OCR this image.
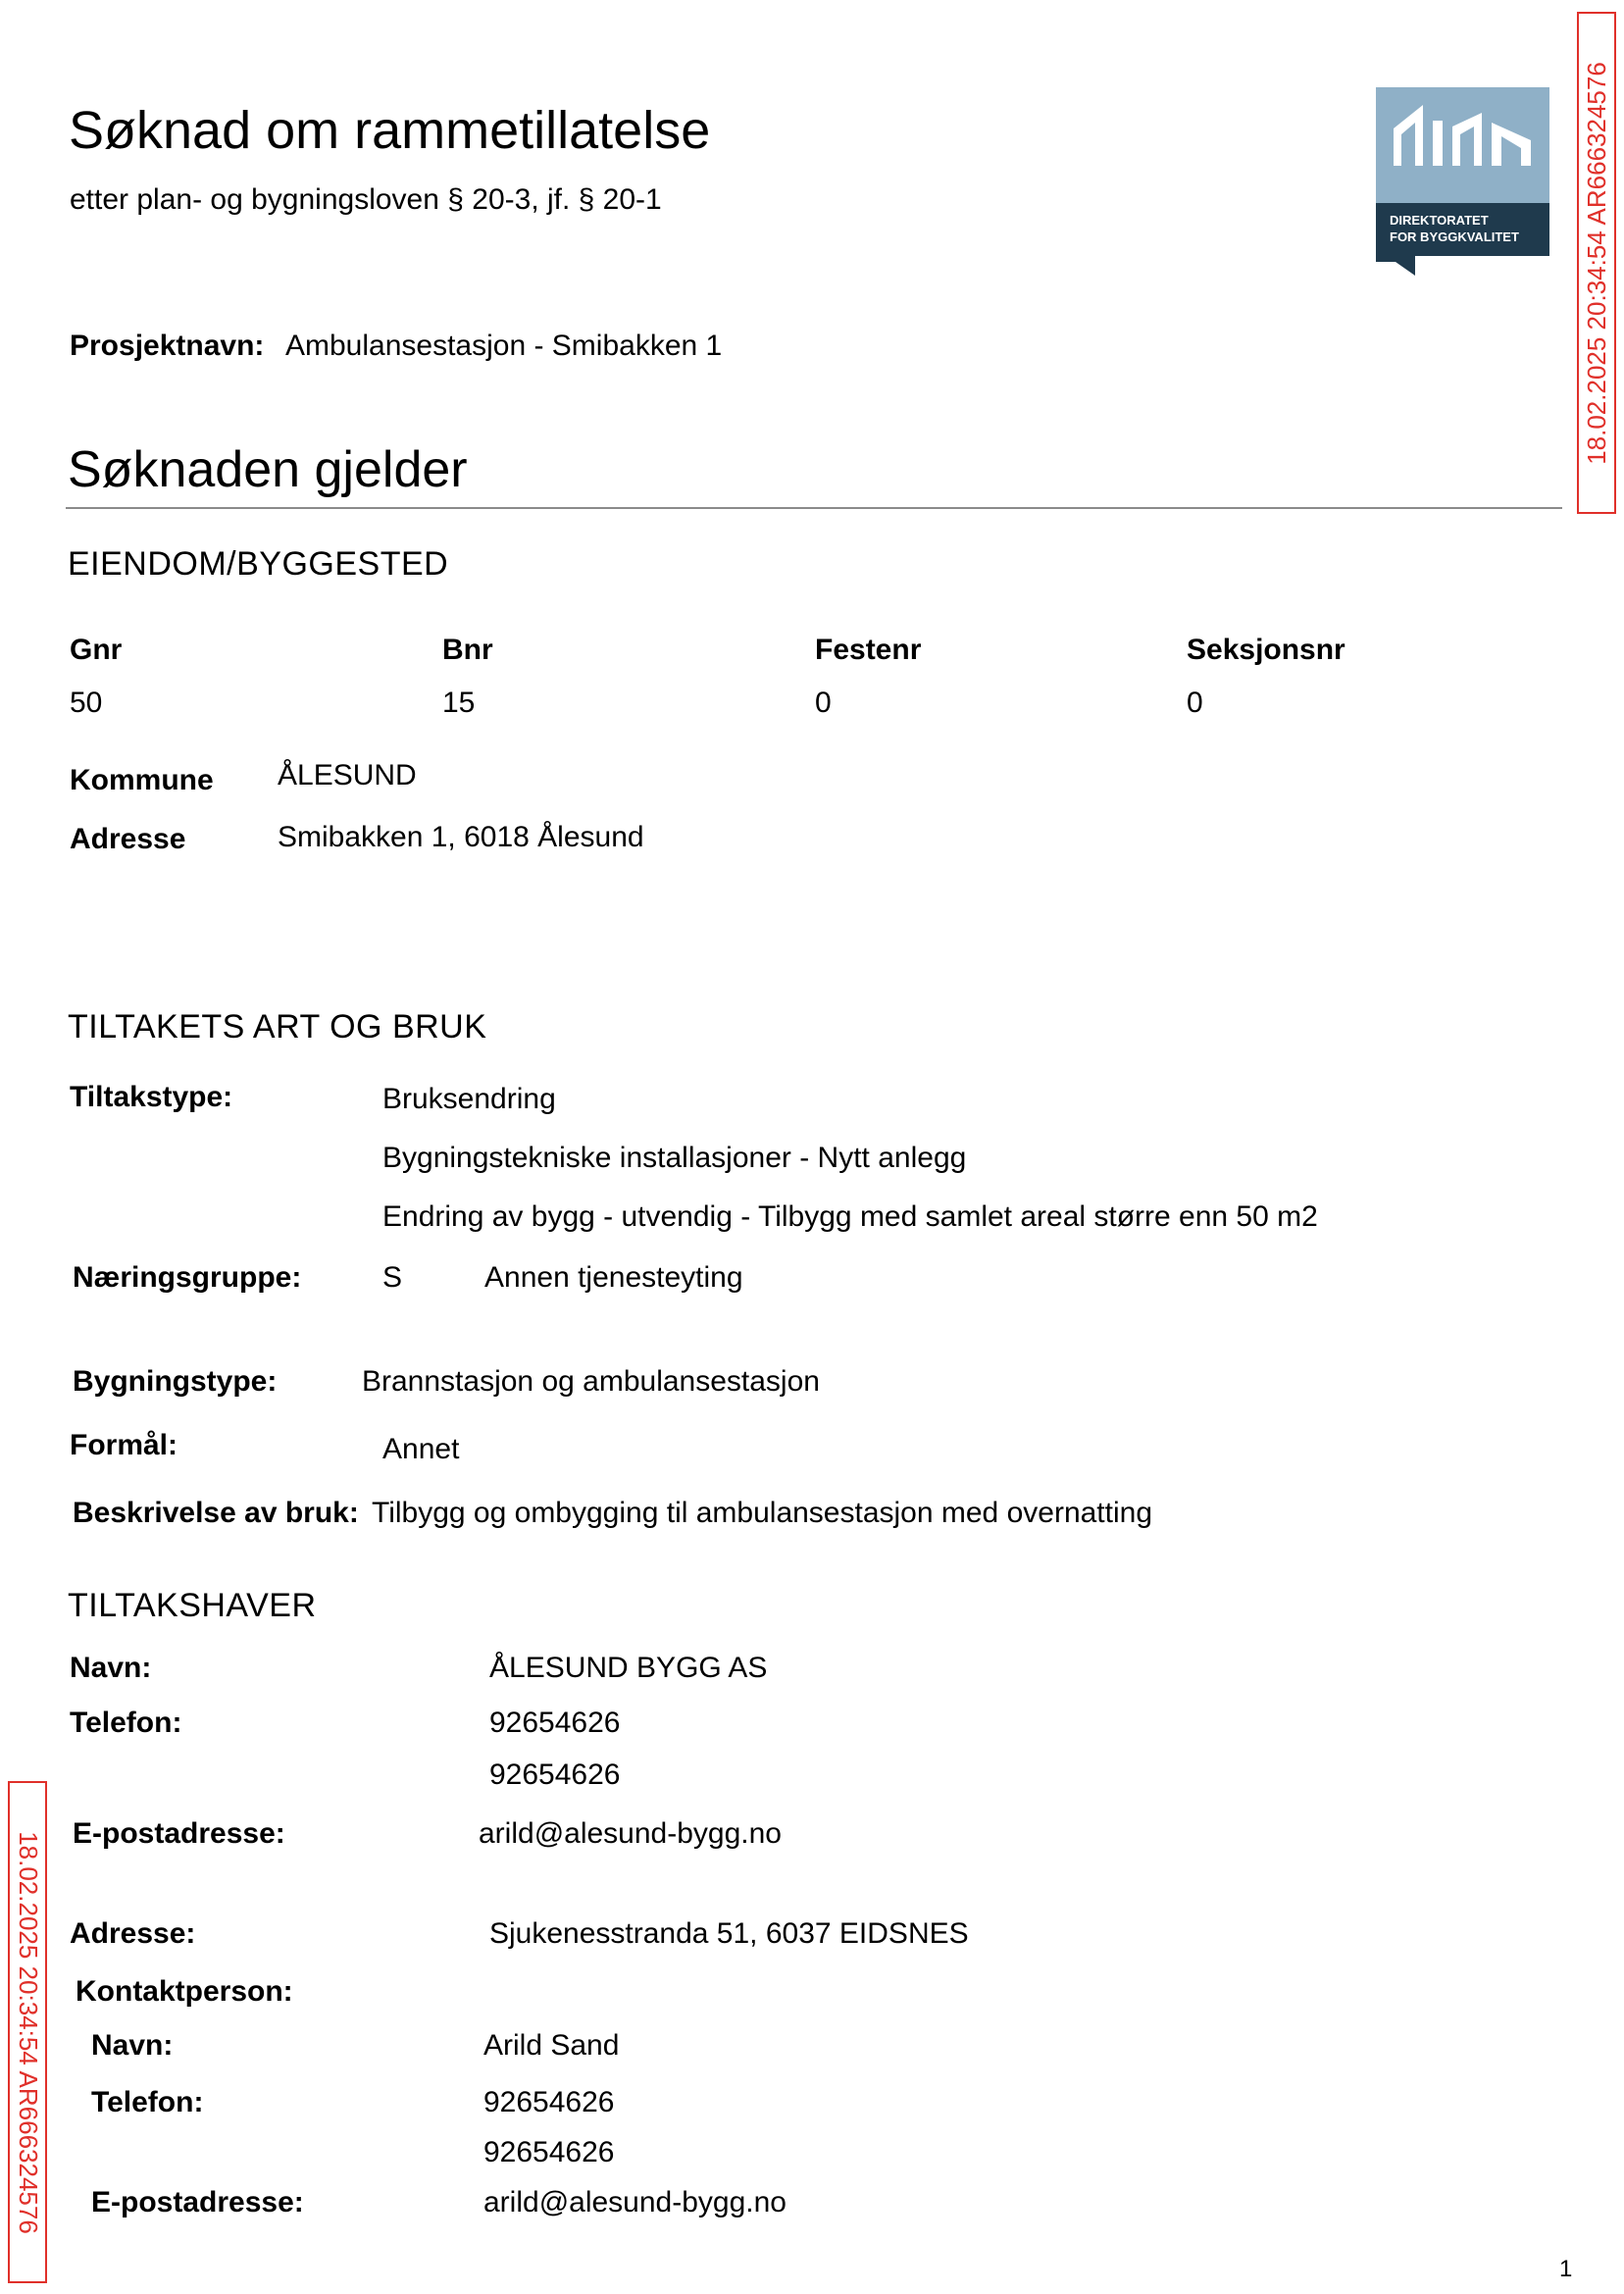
Søknad om rammetillatelse
etter plan- og bygningsloven § 20-3, jf. § 20-1
DIREKTORATET
FOR BYGGKVALITET 18.02.2025 20:34:54 AR666324576
18.02.2025 20:34:54 AR666324576
Prosjektnavn: Ambulansestasjon - Smibakken 1
Søknaden gjelder
EIENDOM/BYGGESTED
Gnr	Bnr	Festenr	Seksjonsnr
50	15	0	0
Kommune ÅLESUND
Adresse	Smibakken 1, 6018 Ålesund
TILTAKETS ART OG BRUK
Tiltakstype:	Bruksendring
Bygningstekniske installasjoner - Nytt anlegg
Endring av bygg - utvendig - Tilbygg med samlet areal større enn 50 m2
Næringsgruppe:	S	Annen tjenesteyting
Bygningstype:	Brannstasjon og ambulansestasjon
Formål:	Annet
Beskrivelse av bruk: Tilbygg og ombygging til ambulansestasjon med overnatting
TILTAKSHAVER
Navn:	ÅLESUND BYGG AS
Telefon:	92654626
92654626
E-postadresse:	arild@alesund-bygg.no
Adresse:	Sjukenesstranda 51, 6037 EIDSNES
Kontaktperson:
Navn:	Arild Sand
Telefon:	92654626
92654626
E-postadresse:	arild@alesund-bygg.no
1
